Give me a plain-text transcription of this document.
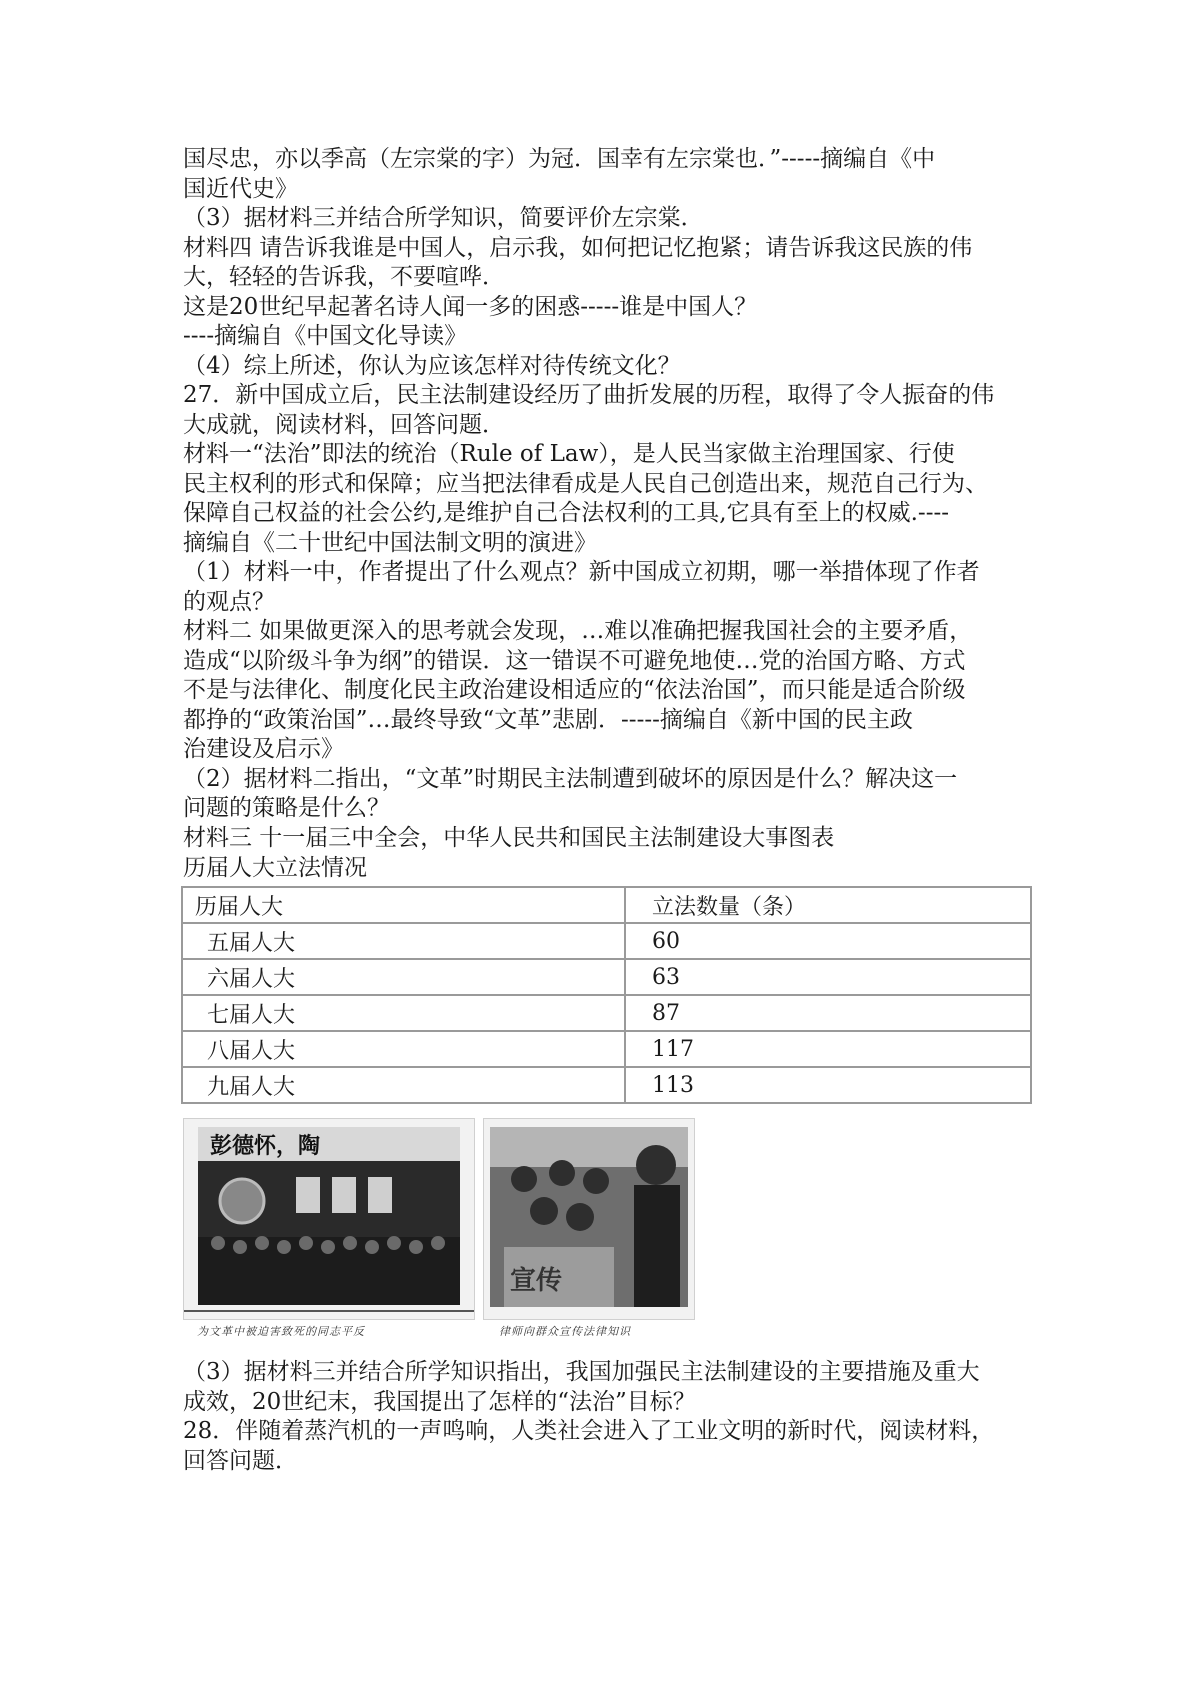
国尽忠，亦以季高（左宗棠的字）为冠．国幸有左宗棠也．”-----摘编自《中
国近代史》
（3）据材料三并结合所学知识，简要评价左宗棠．
材料四 请告诉我谁是中国人，启示我，如何把记忆抱紧；请告诉我这民族的伟
大，轻轻的告诉我，不要喧哗．
这是20世纪早起著名诗人闻一多的困惑-----谁是中国人？
----摘编自《中国文化导读》
（4）综上所述，你认为应该怎样对待传统文化？
27．新中国成立后，民主法制建设经历了曲折发展的历程，取得了令人振奋的伟
大成就，阅读材料，回答问题．
材料一“法治”即法的统治（Rule of Law），是人民当家做主治理国家、行使
民主权利的形式和保障；应当把法律看成是人民自己创造出来，规范自己行为、
保障自己权益的社会公约,是维护自己合法权利的工具,它具有至上的权威.----
摘编自《二十世纪中国法制文明的演进》
（1）材料一中，作者提出了什么观点？新中国成立初期，哪一举措体现了作者
的观点？
材料二 如果做更深入的思考就会发现，…难以准确把握我国社会的主要矛盾，
造成“以阶级斗争为纲”的错误．这一错误不可避免地使…党的治国方略、方式
不是与法律化、制度化民主政治建设相适应的“依法治国”，而只能是适合阶级
都挣的“政策治国”…最终导致“文革”悲剧．-----摘编自《新中国的民主政
治建设及启示》
（2）据材料二指出，“文革”时期民主法制遭到破坏的原因是什么？解决这一
问题的策略是什么？
材料三 十一届三中全会，中华人民共和国民主法制建设大事图表
历届人大立法情况
历届人大	立法数量（条）
五届人大	60
六届人大	63
七届人大	87
八届人大	117
九届人大	113
彭德怀，陶
为文革中被迫害致死的同志平反
宣传
律师向群众宣传法律知识
（3）据材料三并结合所学知识指出，我国加强民主法制建设的主要措施及重大
成效，20世纪末，我国提出了怎样的“法治”目标？
28．伴随着蒸汽机的一声鸣响，人类社会进入了工业文明的新时代，阅读材料，
回答问题．
